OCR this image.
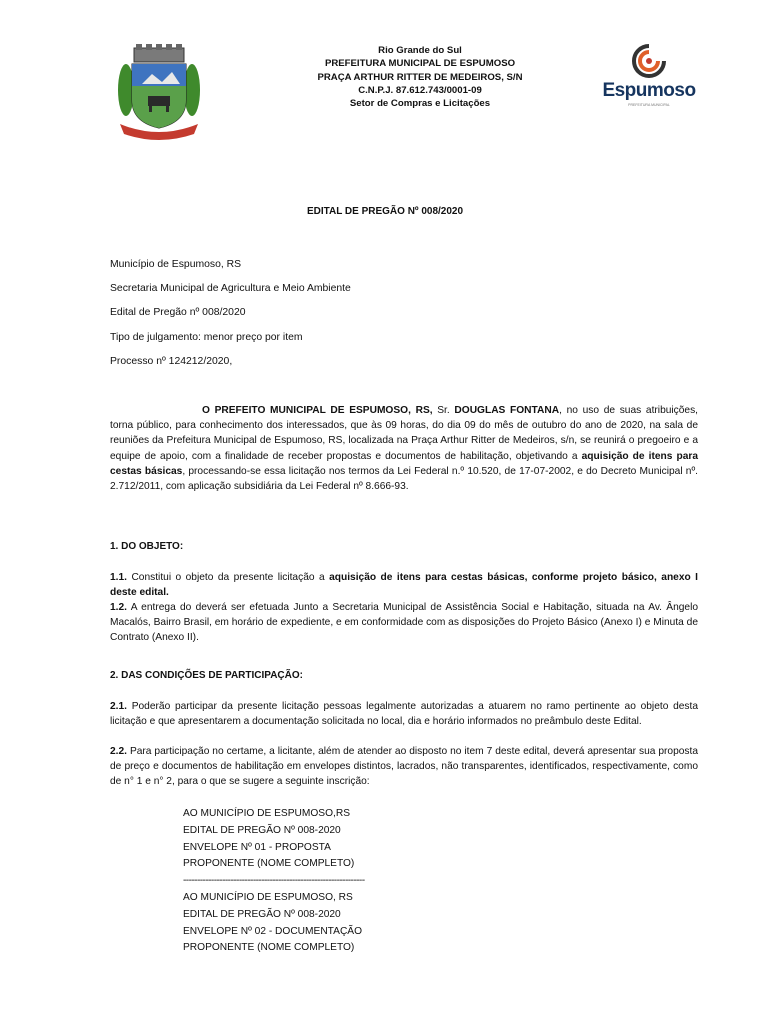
Rio Grande do Sul
PREFEITURA MUNICIPAL DE ESPUMOSO
PRAÇA ARTHUR RITTER DE MEDEIROS, S/N
C.N.P.J. 87.612.743/0001-09
Setor de Compras e Licitações
Espumoso
PREFEITURA MUNICIPAL
EDITAL DE PREGÃO Nº 008/2020
Município de Espumoso, RS
Secretaria Municipal de Agricultura e Meio Ambiente
Edital de Pregão nº 008/2020
Tipo de julgamento: menor preço por item
Processo nº 124212/2020,
O PREFEITO MUNICIPAL DE ESPUMOSO, RS, Sr. DOUGLAS FONTANA, no uso de suas atribuições, torna público, para conhecimento dos interessados, que às 09 horas, do dia 09 do mês de outubro do ano de 2020, na sala de reuniões da Prefeitura Municipal de Espumoso, RS, localizada na Praça Arthur Ritter de Medeiros, s/n, se reunirá o pregoeiro e a equipe de apoio, com a finalidade de receber propostas e documentos de habilitação, objetivando a aquisição de itens para cestas básicas, processando-se essa licitação nos termos da Lei Federal n.º 10.520, de 17-07-2002, e do Decreto Municipal nº. 2.712/2011, com aplicação subsidiária da Lei Federal nº 8.666-93.
1. DO OBJETO:
1.1. Constitui o objeto da presente licitação a aquisição de itens para cestas básicas, conforme projeto básico, anexo I deste edital.
1.2. A entrega do deverá ser efetuada Junto a Secretaria Municipal de Assistência Social e Habitação, situada na Av. Ângelo Macalós, Bairro Brasil, em horário de expediente, e em conformidade com as disposições do Projeto Básico (Anexo I) e Minuta de Contrato (Anexo II).
2. DAS CONDIÇÕES DE PARTICIPAÇÃO:
2.1. Poderão participar da presente licitação pessoas legalmente autorizadas a atuarem no ramo pertinente ao objeto desta licitação e que apresentarem a documentação solicitada no local, dia e horário informados no preâmbulo deste Edital.
2.2. Para participação no certame, a licitante, além de atender ao disposto no item 7 deste edital, deverá apresentar sua proposta de preço e documentos de habilitação em envelopes distintos, lacrados, não transparentes, identificados, respectivamente, como de n° 1 e n° 2, para o que se sugere a seguinte inscrição:
AO MUNICÍPIO DE ESPUMOSO,RS
EDITAL DE PREGÃO Nº 008-2020
ENVELOPE Nº 01 - PROPOSTA
PROPONENTE (NOME COMPLETO)
-----------------------------------------------------------------
AO MUNICÍPIO DE ESPUMOSO, RS
EDITAL DE PREGÃO Nº 008-2020
ENVELOPE Nº 02 - DOCUMENTAÇÃO
PROPONENTE (NOME COMPLETO)
